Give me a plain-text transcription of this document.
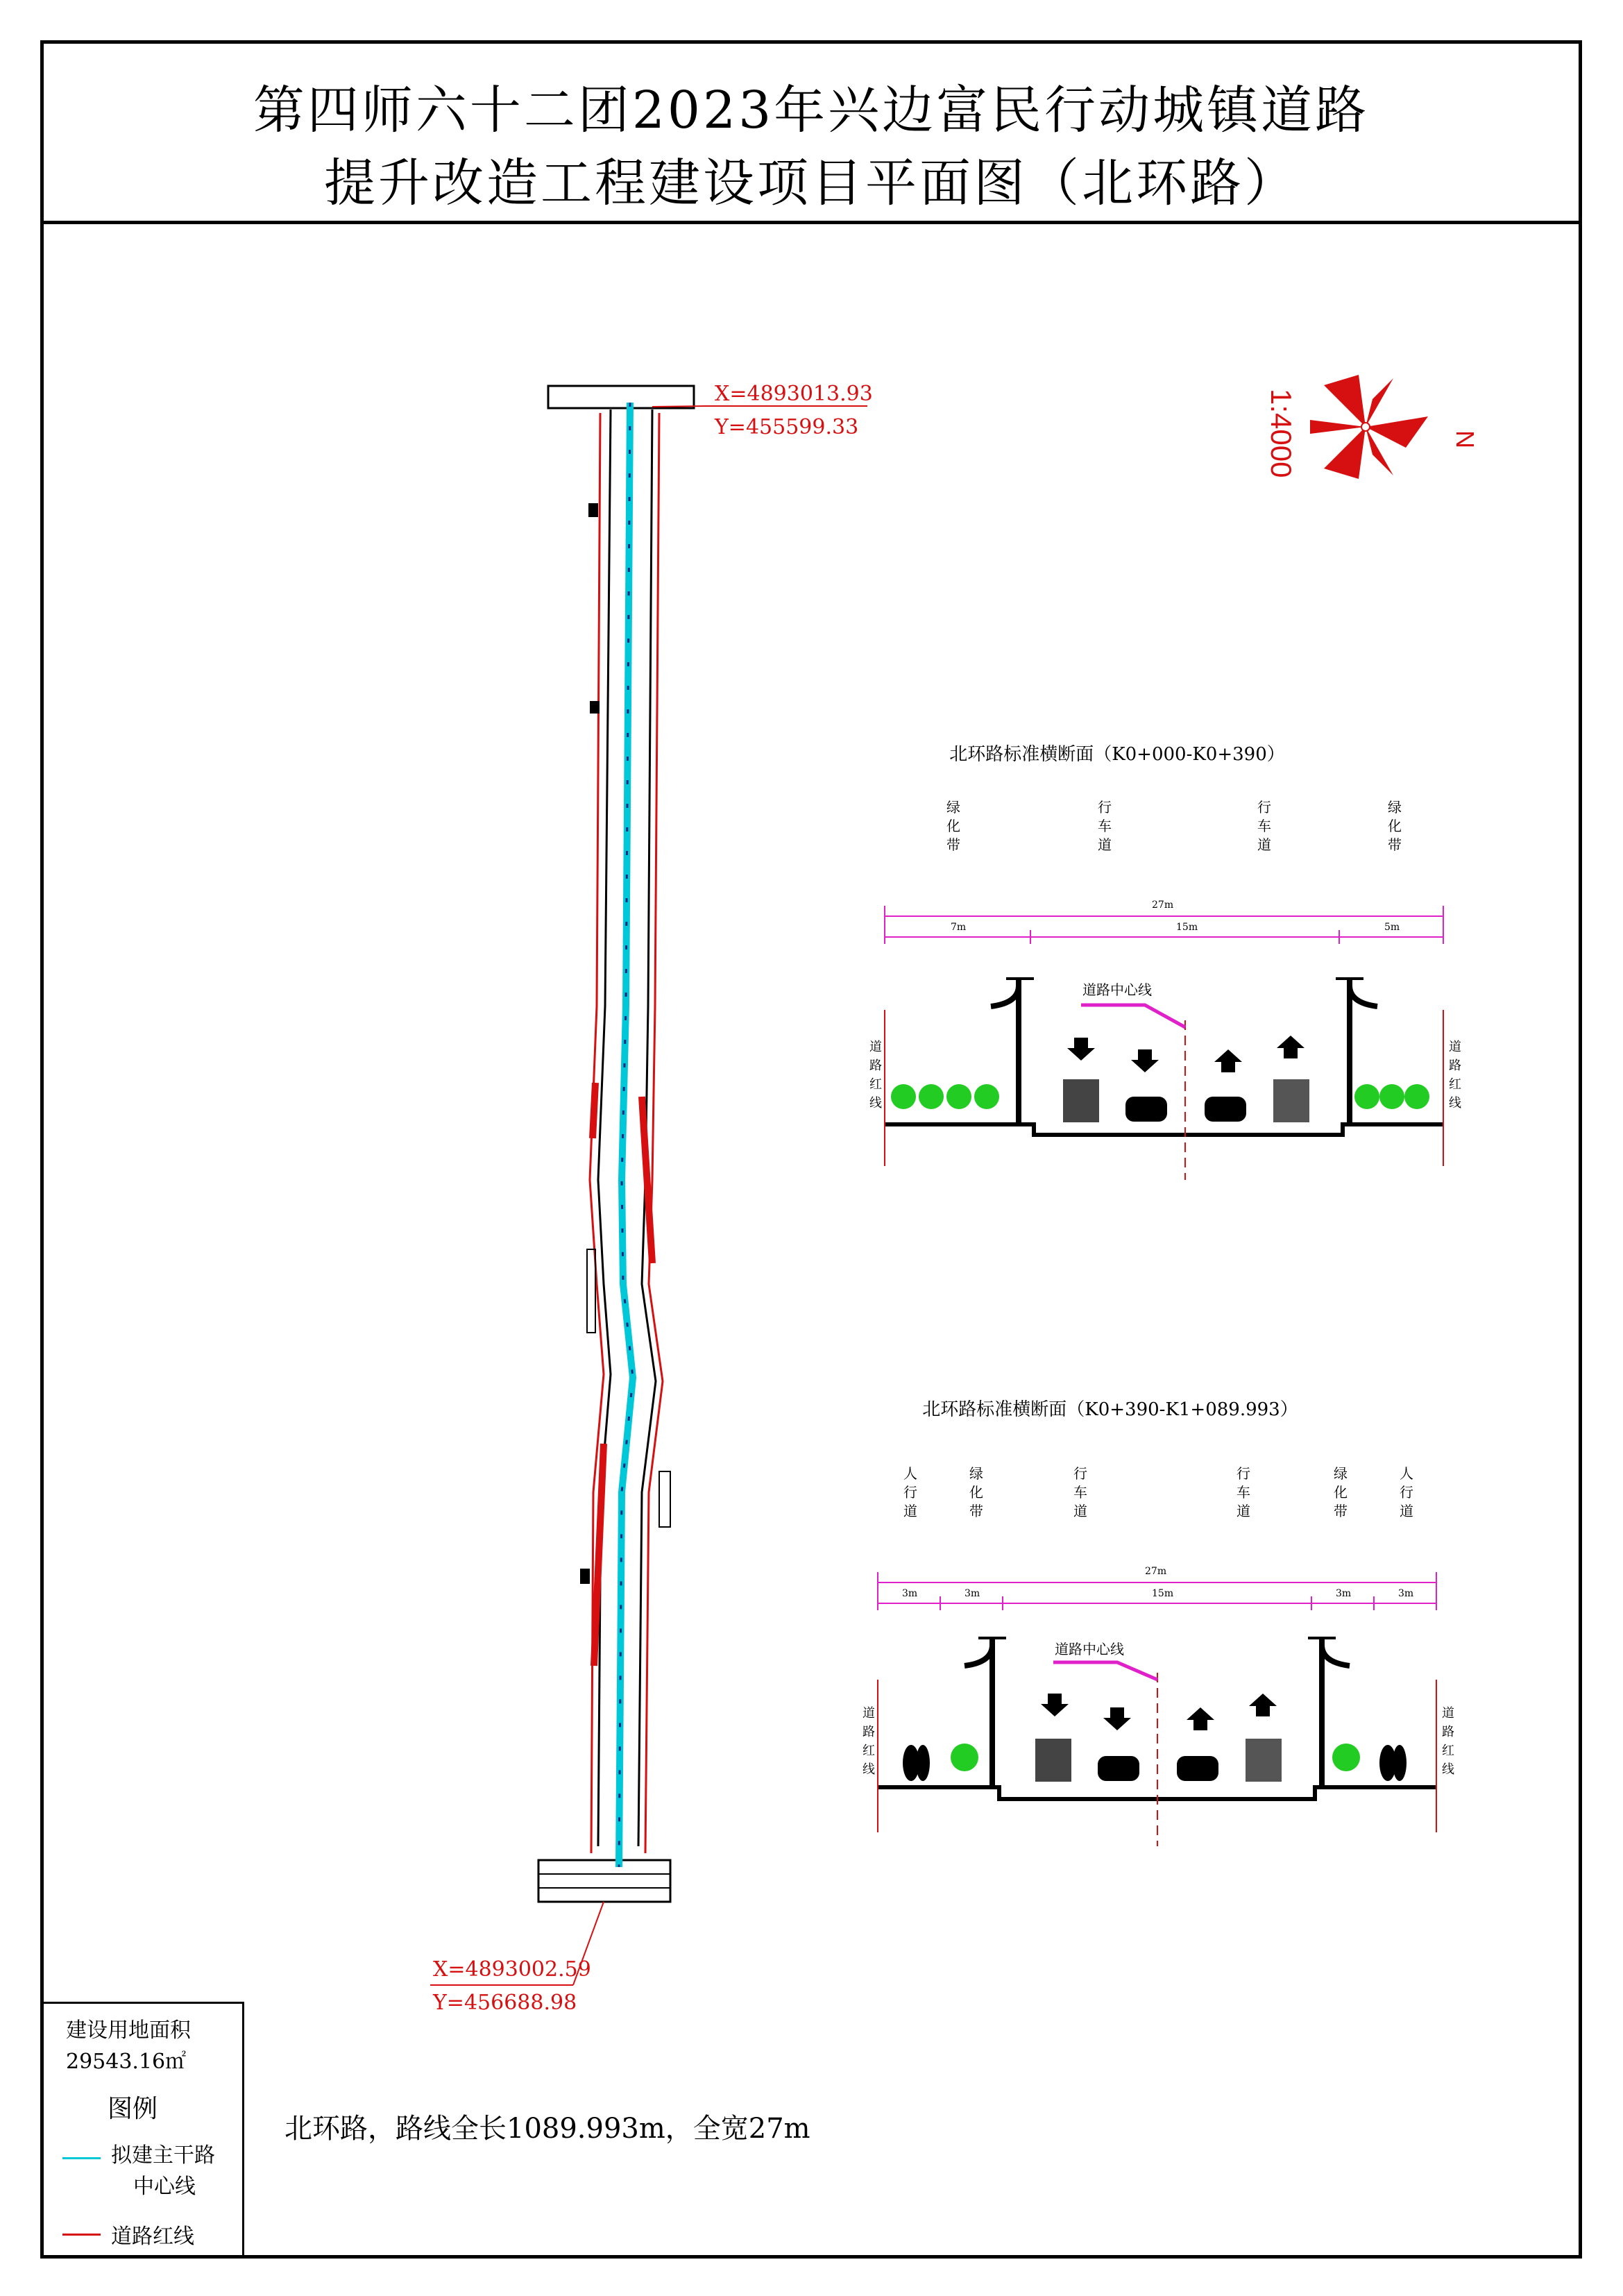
第四师六十二团2023年兴边富民行动城镇道路
提升改造工程建设项目平面图（北环路）
X=4893013.93
Y=455599.33
X=4893002.59
Y=456688.98
1:4000	N
北环路标准横断面（K0+000-K0+390）
绿化带
行车道
行车道
绿化带
27m
7m	15m	5m
道路中心线
道路红线
道路红线
北环路标准横断面（K0+390-K1+089.993）
人行道
绿化带
行车道
行车道
绿化带
人行道
27m
3m	3m	15m	3m	3m
道路中心线
道路红线
道路红线
建设用地面积
29543.16㎡
图例
拟建主干路
中心线
道路红线
北环路，路线全长1089.993m，全宽27m
